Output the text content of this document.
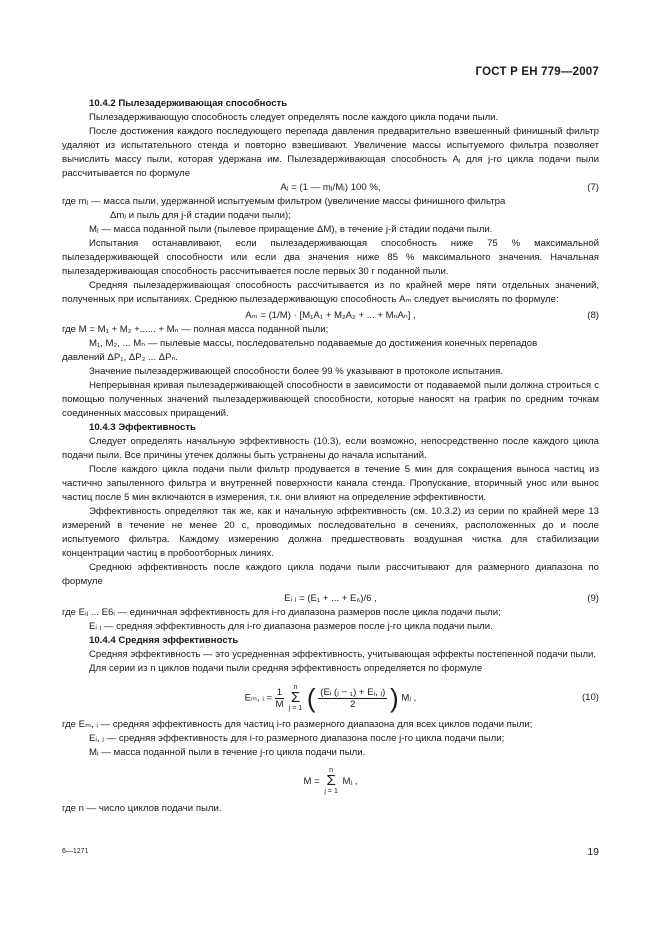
ГОСТ Р ЕН 779—2007

10.4.2 Пылезадерживающая способность

Пылезадерживающую способность следует определять после каждого цикла подачи пыли.

После достижения каждого последующего перепада давления предварительно взвешенный финишный фильтр удаляют из испытательного стенда и повторно взвешивают. Увеличение массы испытуемого фильтра позволяет вычислить массу пыли, которая удержана им. Пылезадерживающая способность Aⱼ для j-го цикла подачи пыли рассчитывается по формуле

Aⱼ = (1 — mⱼ/Mⱼ) 100 %,	(7)

где mⱼ — масса пыли, удержанной испытуемым фильтром (увеличение массы финишного фильтра

Δmⱼ и пыль для j-й стадии подачи пыли);

Mⱼ — масса поданной пыли (пылевое приращение ΔM), в течение j-й стадии подачи пыли.

Испытания останавливают, если пылезадерживающая способность ниже 75 % максимальной пылезадерживающей способности или если два значения ниже 85 % максимального значения. Начальная пылезадерживающая способность рассчитывается после первых 30 г поданной пыли.

Средняя пылезадерживающая способность рассчитывается из по крайней мере пяти отдельных значений, полученных при испытаниях. Среднюю пылезадерживающую способность Aₘ следует вычислять по формуле:

Aₘ = (1/M) · [M₁A₁ + M₂A₂ + ... + MₙAₙ] ,	(8)

где M = M₁ + M₂ +...... + Mₙ — полная масса поданной пыли;

M₁, M₂, ... Mₙ — пылевые массы, последовательно подаваемые до достижения конечных перепадов

давлений ΔP₁, ΔP₂ ... ΔPₙ.

Значение пылезадерживающей способности более 99 % указывают в протоколе испытания.

Непрерывная кривая пылезадерживающей способности в зависимости от подаваемой пыли должна строиться с помощью полученных значений пылезадерживающей способности, которые наносят на график по средним точкам соединенных массовых приращений.

10.4.3 Эффективность

Следует определять начальную эффективность (10.3), если возможно, непосредственно после каждого цикла подачи пыли. Все причины утечек должны быть устранены до начала испытаний.

После каждого цикла подачи пыли фильтр продувается в течение 5 мин для сокращения выноса частиц из частично запыленного фильтра и внутренней поверхности канала стенда. Пропускание, вторичный унос или вынос частиц после 5 мин включаются в измерения, т.к. они влияют на определение эффективности.

Эффективность определяют так же, как и начальную эффективность (см. 10.3.2) из серии по крайней мере 13 измерений в течение не менее 20 с, проводимых последовательно в сечениях, расположенных до и после испытуемого фильтра. Каждому измерению должна предшествовать воздушная чистка для стабилизации концентрации частиц в пробоотборных линиях.

Среднюю эффективность после каждого цикла подачи пыли рассчитывают для размерного диапазона по формуле

Eᵢ ⱼ = (E₁ + ... + E₆)/6 ,	(9)

где Eᵢⱼ ... E6ᵢ — единичная эффективность для i-го диапазона размеров после цикла подачи пыли;

Eᵢ ⱼ — средняя эффективность для i-го диапазона размеров после j-го цикла подачи пыли.

10.4.4 Средняя эффективность

Средняя эффективность — это усредненная эффективность, учитывающая эффекты постепенной подачи пыли.

Для серии из n циклов подачи пыли средняя эффективность определяется по формуле

Eₘ, ᵢ = $\frac{1}{M}$
	n
Σ
j = 1 ( $\frac{\text{(Eᵢ (ⱼ − ₁) + Eᵢ, ⱼ)}}{2}$ ) Mⱼ ,	(10)

где Eₘ, ᵢ — средняя эффективность для частиц i-го размерного диапазона для всех циклов подачи пыли;

Eᵢ, ⱼ — средняя эффективность для i-го размерного диапазона после j-го цикла подачи пыли;

Mⱼ — масса поданной пыли в течение j-го цикла подачи пыли.

M =
n
Σ
j = 1
Mⱼ ,

где n — число циклов подачи пыли.

6—1271	19
